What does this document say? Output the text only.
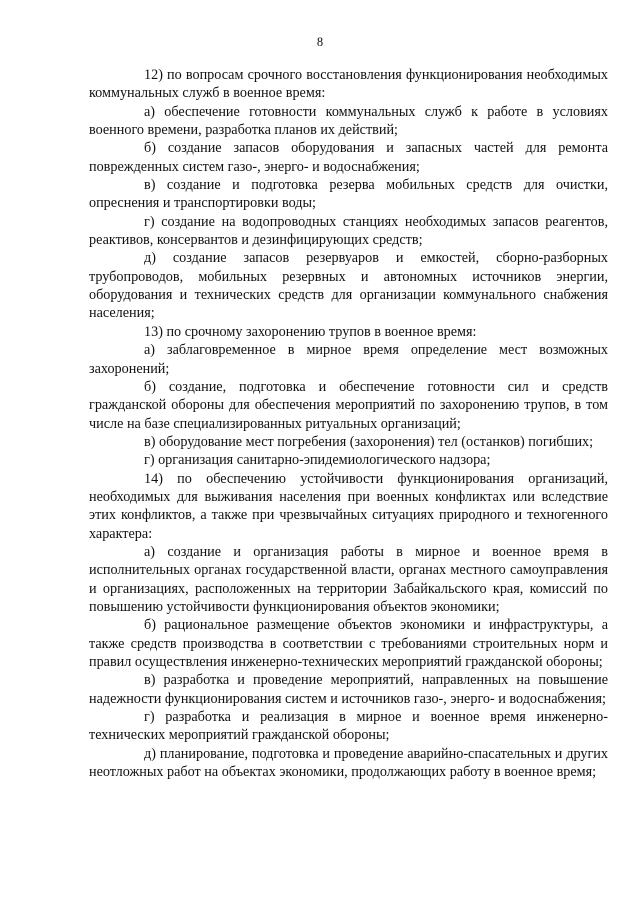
8

12) по вопросам срочного восстановления функционирования необходимых коммунальных служб в военное время:

а) обеспечение готовности коммунальных служб к работе в условиях военного времени, разработка планов их действий;

б) создание запасов оборудования и запасных частей для ремонта поврежденных систем газо-, энерго- и водоснабжения;

в) создание и подготовка резерва мобильных средств для очистки, опреснения и транспортировки воды;

г) создание на водопроводных станциях необходимых запасов реагентов, реактивов, консервантов и дезинфицирующих средств;

д) создание запасов резервуаров и емкостей, сборно-разборных трубопроводов, мобильных резервных и автономных источников энергии, оборудования и технических средств для организации коммунального снабжения населения;

13) по срочному захоронению трупов в военное время:

а) заблаговременное в мирное время определение мест возможных захоронений;

б) создание, подготовка и обеспечение готовности сил и средств гражданской обороны для обеспечения мероприятий по захоронению трупов, в том числе на базе специализированных ритуальных организаций;

в) оборудование мест погребения (захоронения) тел (останков) погибших;

г) организация санитарно-эпидемиологического надзора;

14) по обеспечению устойчивости функционирования организаций, необходимых для выживания населения при военных конфликтах или вследствие этих конфликтов, а также при чрезвычайных ситуациях природного и техногенного характера:

а) создание и организация работы в мирное и военное время в исполнительных органах государственной власти, органах местного самоуправления и организациях, расположенных на территории Забайкальского края, комиссий по повышению устойчивости функционирования объектов экономики;

б) рациональное размещение объектов экономики и инфраструктуры, а также средств производства в соответствии с требованиями строительных норм и правил осуществления инженерно-технических мероприятий гражданской обороны;

в) разработка и проведение мероприятий, направленных на повышение надежности функционирования систем и источников газо-, энерго- и водоснабжения;

г) разработка и реализация в мирное и военное время инженерно-технических мероприятий гражданской обороны;

д) планирование, подготовка и проведение аварийно-спасательных и других неотложных работ на объектах экономики, продолжающих работу в военное время;
